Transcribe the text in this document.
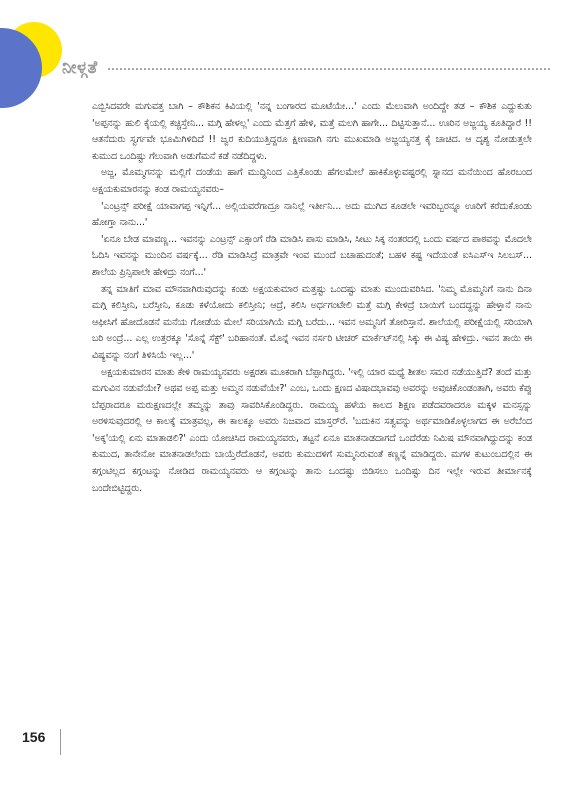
ನೀಳ್ಗತೆ

ಎಬ್ಬಿಸಿದವರೇ ಮಗುವತ್ತ ಬಾಗಿ – ಕೌಶಿಕನ ಕಿವಿಯಲ್ಲಿ 'ನನ್ನ ಬಂಗಾರದ ಮೂಟೆಯೇ...' ಎಂದು ಮೆಲುವಾಗಿ ಅಂದಿದ್ದೇ ತಡ – ಕೌಶಿಕ ಎದ್ದುಕುತು 'ಅಪ್ಪನನ್ನು ಹುಲಿ ಕೈಯಲ್ಲಿ ಕಚ್ಚಿಸ್ತೇನಿ... ಮಗ್ಗಿ ಹೇಳಲ್ಲ' ಎಂದು ಮೆತ್ತಗೆ ಹೇಳಿ, ಮತ್ತೆ ಮಲಗಿ ಹಾಗೇ... ದಿಟ್ಟಿಸುತ್ತಾನೆ... ಊರಿನ ಅಜ್ಜಯ್ಯ ಕೂತಿದ್ದಾರೆ !! ಆತನೆದುರು ಸ್ವರ್ಗವೇ ಭೂಮಿಗಿಳಿದಿದೆ !! ಜ್ವರ ಕುದಿಯುತ್ತಿದ್ದರೂ ಕ್ಷೀಣವಾಗಿ ನಗು ಮುಖಮಾಡಿ ಅಜ್ಜಯ್ಯನತ್ತ ಕೈ ಚಾಚಿದ. ಆ ದೃಶ್ಯ ನೋಡುತ್ತಲೇ ಕುಮುದ ಒಂದಿಷ್ಟು ಗೆಲುವಾಗಿ ಅಡುಗೆಮನೆ ಕಡೆ ನಡೆದಿದ್ದಳು.

ಅಜ್ಜ, ಮೊಮ್ಮಗನನ್ನು ಮಲ್ಲಿಗೆ ದಂಡೆಯ ಹಾಗೆ ಮುದ್ದಿನಿಂದ ಎತ್ತಿಕೊಂಡು ಹೆಗಲಮೇಲೆ ಹಾಕಿಕೊಳ್ಳುವಷ್ಟರಲ್ಲಿ ಸ್ನಾನದ ಮನೆಯಿಂದ ಹೊರಬಂದ ಅಕ್ಷಯಕುಮಾರನನ್ನು ಕಂಡ ರಾಮಯ್ಯನವರು–

'ಎಂಟ್ರನ್ಸ್ ಪರೀಕ್ಷೆ ಯಾವಾಗಪ್ಪ ಇನ್ನಿಗೆ... ಅಲ್ಲಿಯವರೆಗಾದ್ರೂ ನಾನಿಲ್ಲೆ ಇರ್ತೀನಿ... ಅದು ಮುಗಿದ ಕೂಡಲೇ ಇವರಿಬ್ಬರನ್ನೂ ಊರಿಗೆ ಕರೆದುಕೊಂಡು ಹೋಗ್ತಾ ನಾನು...'

'ಏನೂ ಬೇಡ ಮಾವಣ್ಣ... ಇವನನ್ನು ಎಂಟ್ರನ್ಸ್ ಎಕ್ಸಾಂಗೆ ರೆಡಿ ಮಾಡಿಸಿ ಪಾಸು ಮಾಡಿಸಿ, ಸೀಟು ಸಿಕ್ಕ ನಂತರದಲ್ಲಿ ಒಂದು ವರ್ಷದ ಪಾಠವನ್ನು ಮೊದಲೇ ಓದಿಸಿ ಇವನನ್ನು ಮುಂದಿನ ವರ್ಷಕ್ಕೆ... ರೆಡಿ ಮಾಡಿಸಿದ್ರೆ ಮಾತ್ರವೇ ಇಂವ ಮುಂದೆ ಬಚಾಹುದಂತೆ; ಬಹಳ ಕಷ್ಟ ಇದೆಯಂತೆ ಐಸಿಎಸ್ಇ ಸಿಲಬಸ್... ಶಾಲೆಯ ಪ್ರಿನ್ಸಿಪಾಲೇ ಹೇಳಿದ್ರು ನಂಗೆ...'

ತನ್ನ ಮಾತಿಗೆ ಮಾವ ಮೌನವಾಗಿರುವುದನ್ನು ಕಂಡು ಅಕ್ಷಯಕುಮಾರ ಮತ್ತಷ್ಟು ಒಂದಷ್ಟು ಮಾತು ಮುಂದುವರಿಸಿದ. 'ನಿಮ್ಮ ಮೊಮ್ಮನಿಗೆ ನಾನು ದಿನಾ ಮಗ್ಗಿ ಕಲಿಸ್ತೀನಿ, ಬರೆಸ್ತೀನಿ, ಕೂಡು ಕಳೆಯೋದು ಕಲಿಸ್ತೀನಿ; ಆದ್ರೆ, ಕಲಿಸಿ ಅರ್ಧಗಂಟೇಲಿ ಮತ್ತೆ ಮಗ್ಗಿ ಕೇಳಿದ್ರೆ ಬಾಯಿಗೆ ಬಂದದ್ದನ್ನು ಹೇಳ್ತಾನೆ ನಾನು ಆಫೀಸಿಗೆ ಹೋದೊಡನೆ ಮನೆಯ ಗೋಡೆಯ ಮೇಲೆ ಸರಿಯಾಗಿಯೆ ಮಗ್ಗಿ ಬರೆದು... ಇವನ ಅಮ್ಮನಿಗೆ ತೋರಿಸ್ತಾನೆ. ಶಾಲೆಯಲ್ಲಿ ಪರೀಕ್ಷೆಯಲ್ಲಿ ಸರಿಯಾಗಿ ಬರಿ ಅಂದ್ರೆ... ಎಲ್ಲ ಉತ್ತರಕ್ಕೂ 'ಸೊನ್ನೆ ಸೆಕ್ಟ್' ಬರಿಹಾನಂತೆ. ಮೊನ್ನೆ ಇವನ ನರ್ಸರಿ ಟೀಚರ್ ಮಾರ್ಕೆಟ್‌ನಲ್ಲಿ ಸಿಕ್ಕು ಈ ವಿಷ್ಯ ಹೇಳಿದ್ರು. ಇವನ ತಾಯಿ ಈ ವಿಷ್ಯವನ್ನು ನಂಗೆ ತಿಳಿಸಿಯೆ ಇಲ್ಲ...'

ಅಕ್ಷಯಕುಮಾರನ ಮಾತು ಕೇಳಿ ರಾಮಯ್ಯನವರು ಅಕ್ಷರಶಃ ಮೂಕರಾಗಿ ಬೆಪ್ಪಾಗಿದ್ದರು. 'ಇಲ್ಲಿ ಯಾರ ಮಧ್ಯೆ ಶೀತಲ ಸಮರ ನಡೆಯುತ್ತಿದೆ? ತಂದೆ ಮತ್ತು ಮಗುವಿನ ನಡುವೆಯೇ? ಅಥವ ಅಪ್ಪ ಮತ್ತು ಅಮ್ಮನ ನಡುವೆಯೇ?' ಎಂಬ, ಒಂದು ಕ್ಷಣದ ವಿಷಾದಭಾವವು ಅವರನ್ನು ಅವುಚಿಕೊಂಡಂತಾಗಿ, ಅವರು ಕೆಪ್ಪು ಬೆಪ್ಪರಾದರೂ ಮರುಕ್ಷಣದಲ್ಲೇ ತಮ್ಮನ್ನು ತಾವು ಸಾವರಿಸಿಕೊಂಡಿದ್ದರು. ರಾಮಯ್ಯ ಹಳೆಯ ಕಾಲದ ಶಿಕ್ಷಣ ಪಡೆದವರಾದರೂ ಮಕ್ಕಳ ಮನಸ್ಸನ್ನು ಅರಳಿಸುವುದರಲ್ಲಿ ಆ ಕಾಲಕ್ಕೆ ಮಾತ್ರವಲ್ಲ, ಈ ಕಾಲಕ್ಕೂ ಅವರು ನಿಜವಾದ ಮಾಸ್ತರ್‌ರೆ. 'ಬದುಕಿನ ಸತ್ವವನ್ನು ಅರ್ಥಮಾಡಿಕೊಳ್ಳಲಾಗದ ಈ ಅರೆಬೆಂದ 'ಅಕ್ಕ'ಯಲ್ಲಿ ಏನು ಮಾತಾಡಲಿ?' ಎಂದು ಯೋಚಿಸಿದ ರಾಮಯ್ಯನವರು, ತಟ್ಟನೆ ಏನೂ ಮಾತನಾಡದಾಗದೆ ಒಂದೆರೆಡು ನಿಮಿಷ ಮೌನವಾಗಿದ್ದುದನ್ನು ಕಂಡ ಕುಮುದ, ತಾನೇನೋ ಮಾತನಾಡಲೆಂದು ಬಾಯ್ತೆರೆದೊಡನೆ, ಅವರು ಕುಮುದಳಿಗೆ ಸುಮ್ಮನಿರುವಂತೆ ಕಣ್ಣನ್ನೆ ಮಾಡಿದ್ದರು. ಮಗಳ ಕುಟುಂಬದಲ್ಲಿನ ಈ ಕಗ್ಗಂಟಿಲ್ಲದ ಕಗ್ಗಂಟನ್ನು ನೋಡಿದ ರಾಮಯ್ಯನವರು ಆ ಕಗ್ಗಂಟನ್ನು ತಾನು ಒಂದಷ್ಟು ಬಿಡಿಸಲು ಒಂದಿಷ್ಟು ದಿನ ಇಲ್ಲೇ ಇರುವ ತೀರ್ಮಾನಕ್ಕೆ ಬಂದೇಬಿಟ್ಟಿದ್ದರು.

156
